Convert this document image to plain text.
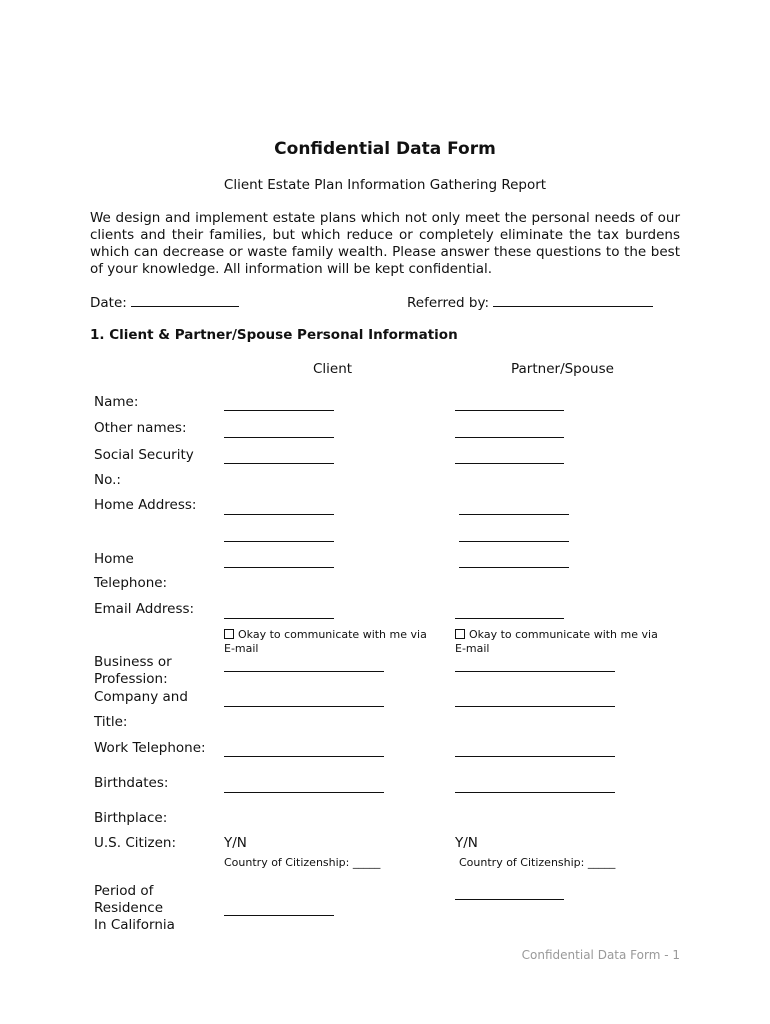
Confidential Data Form
Client Estate Plan Information Gathering Report
We design and implement estate plans which not only meet the personal needs of our clients and their families, but which reduce or completely eliminate the tax burdens which can decrease or waste family wealth. Please answer these questions to the best of your knowledge. All information will be kept confidential.
Date:	Referred by:
1. Client & Partner/Spouse Personal Information
Client	Partner/Spouse
Name:
Other names:
Social Security
No.:
Home Address:
Home
Telephone:
Email Address:
Business or Profession:
Company and
Title:
Work Telephone:
Birthdates:
Birthplace:
U.S. Citizen:
Period of
Residence
In California
Okay to communicate with me via E-mail
Y/N
Country of Citizenship: _____
Okay to communicate with me via E-mail
Y/N
Country of Citizenship: _____
Confidential Data Form - 1
